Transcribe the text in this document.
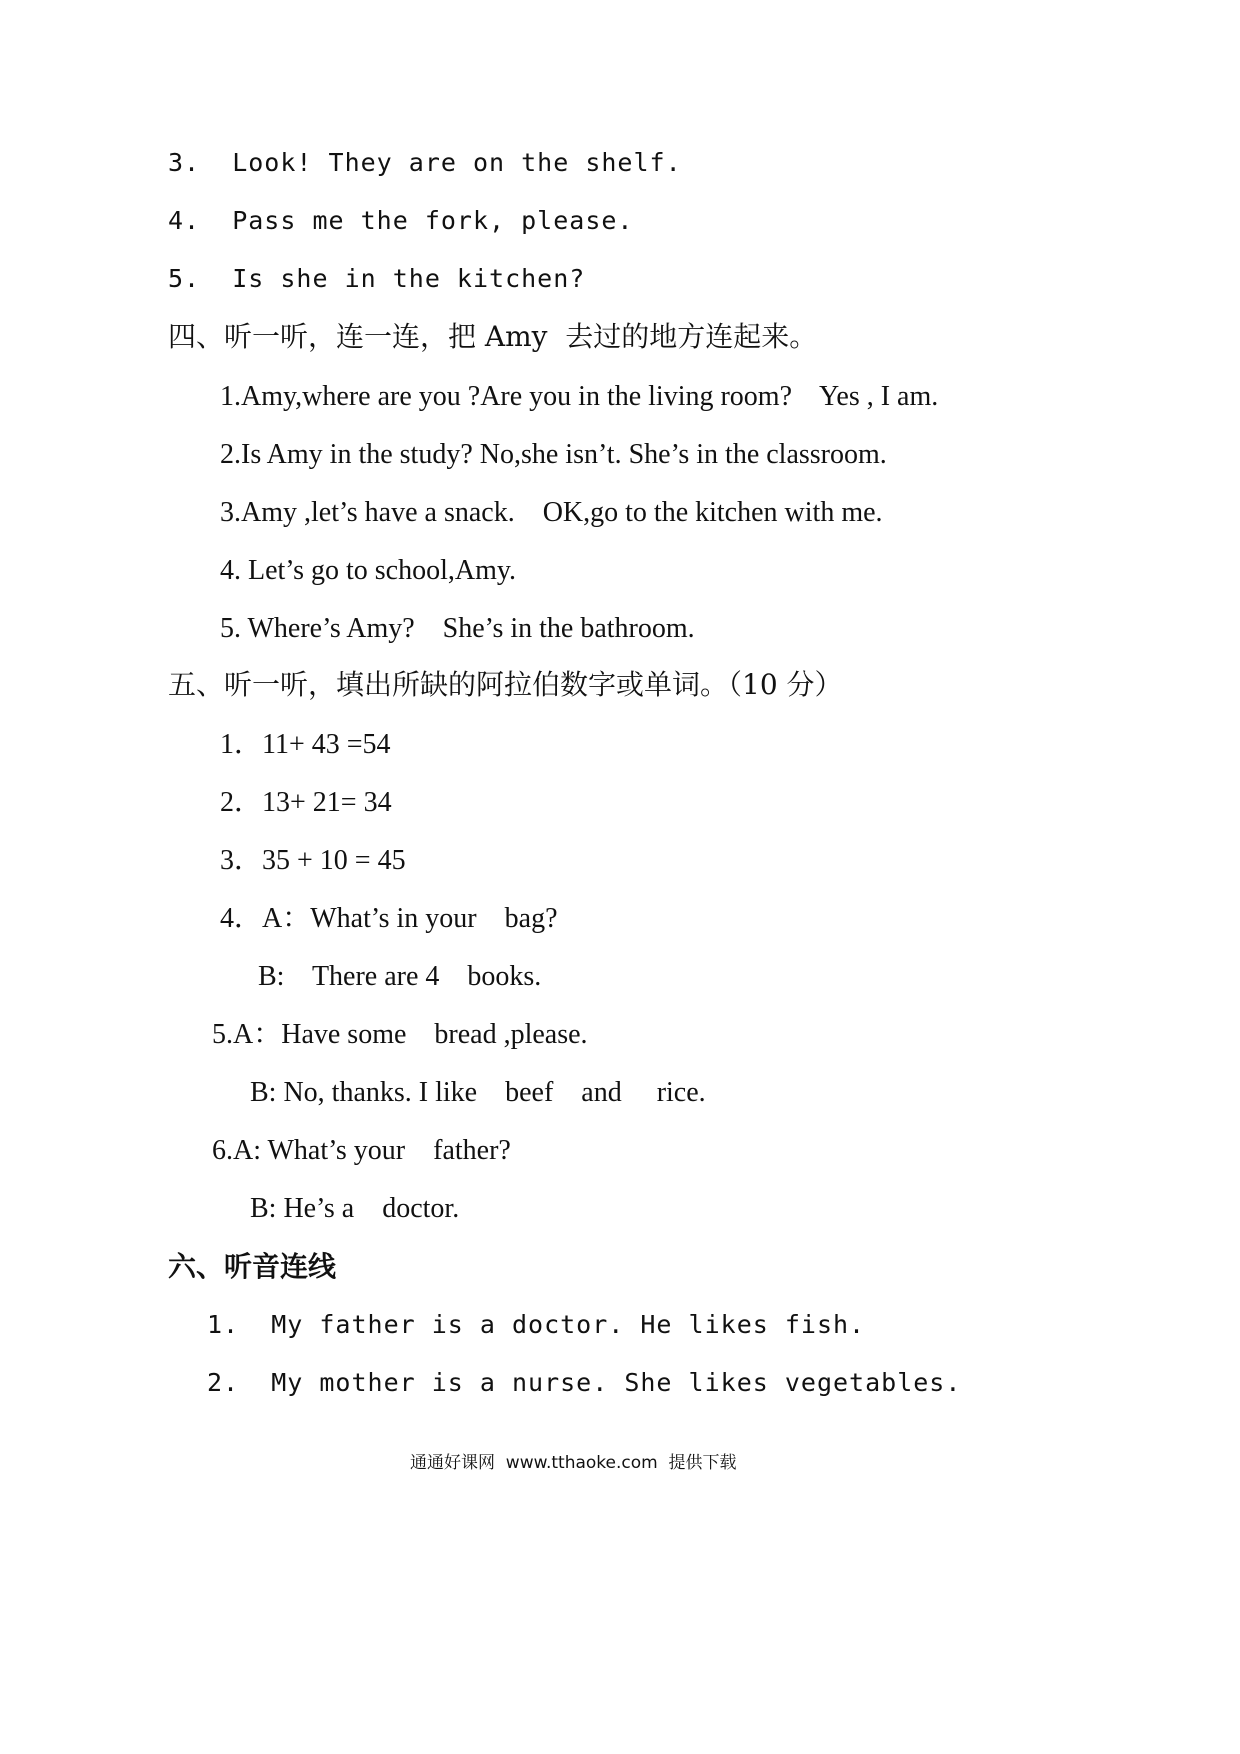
3.  Look! They are on the shelf.
4.  Pass me the fork, please.
5.  Is she in the kitchen?
四、听一听，连一连，把 Amy  去过的地方连起来。
1.Amy,where are you ?Are you in the living room?    Yes , I am.
2.Is Amy in the study? No,she isn’t. She’s in the classroom.
3.Amy ,let’s have a snack.    OK,go to the kitchen with me.
4. Let’s go to school,Amy.
5. Where’s Amy?    She’s in the bathroom.
五、听一听，填出所缺的阿拉伯数字或单词。（10 分）
1．11+ 43 =54
2．13+ 21= 34
3．35 + 10 = 45
4．A：What’s in your    bag?
B:    There are 4    books.
5.A：Have some    bread ,please.
B: No, thanks. I like    beef    and     rice.
6.A: What’s your    father?
B: He’s a    doctor.
六、听音连线
1.  My father is a doctor. He likes fish.
2.  My mother is a nurse. She likes vegetables.
通通好课网  www.tthaoke.com  提供下载
